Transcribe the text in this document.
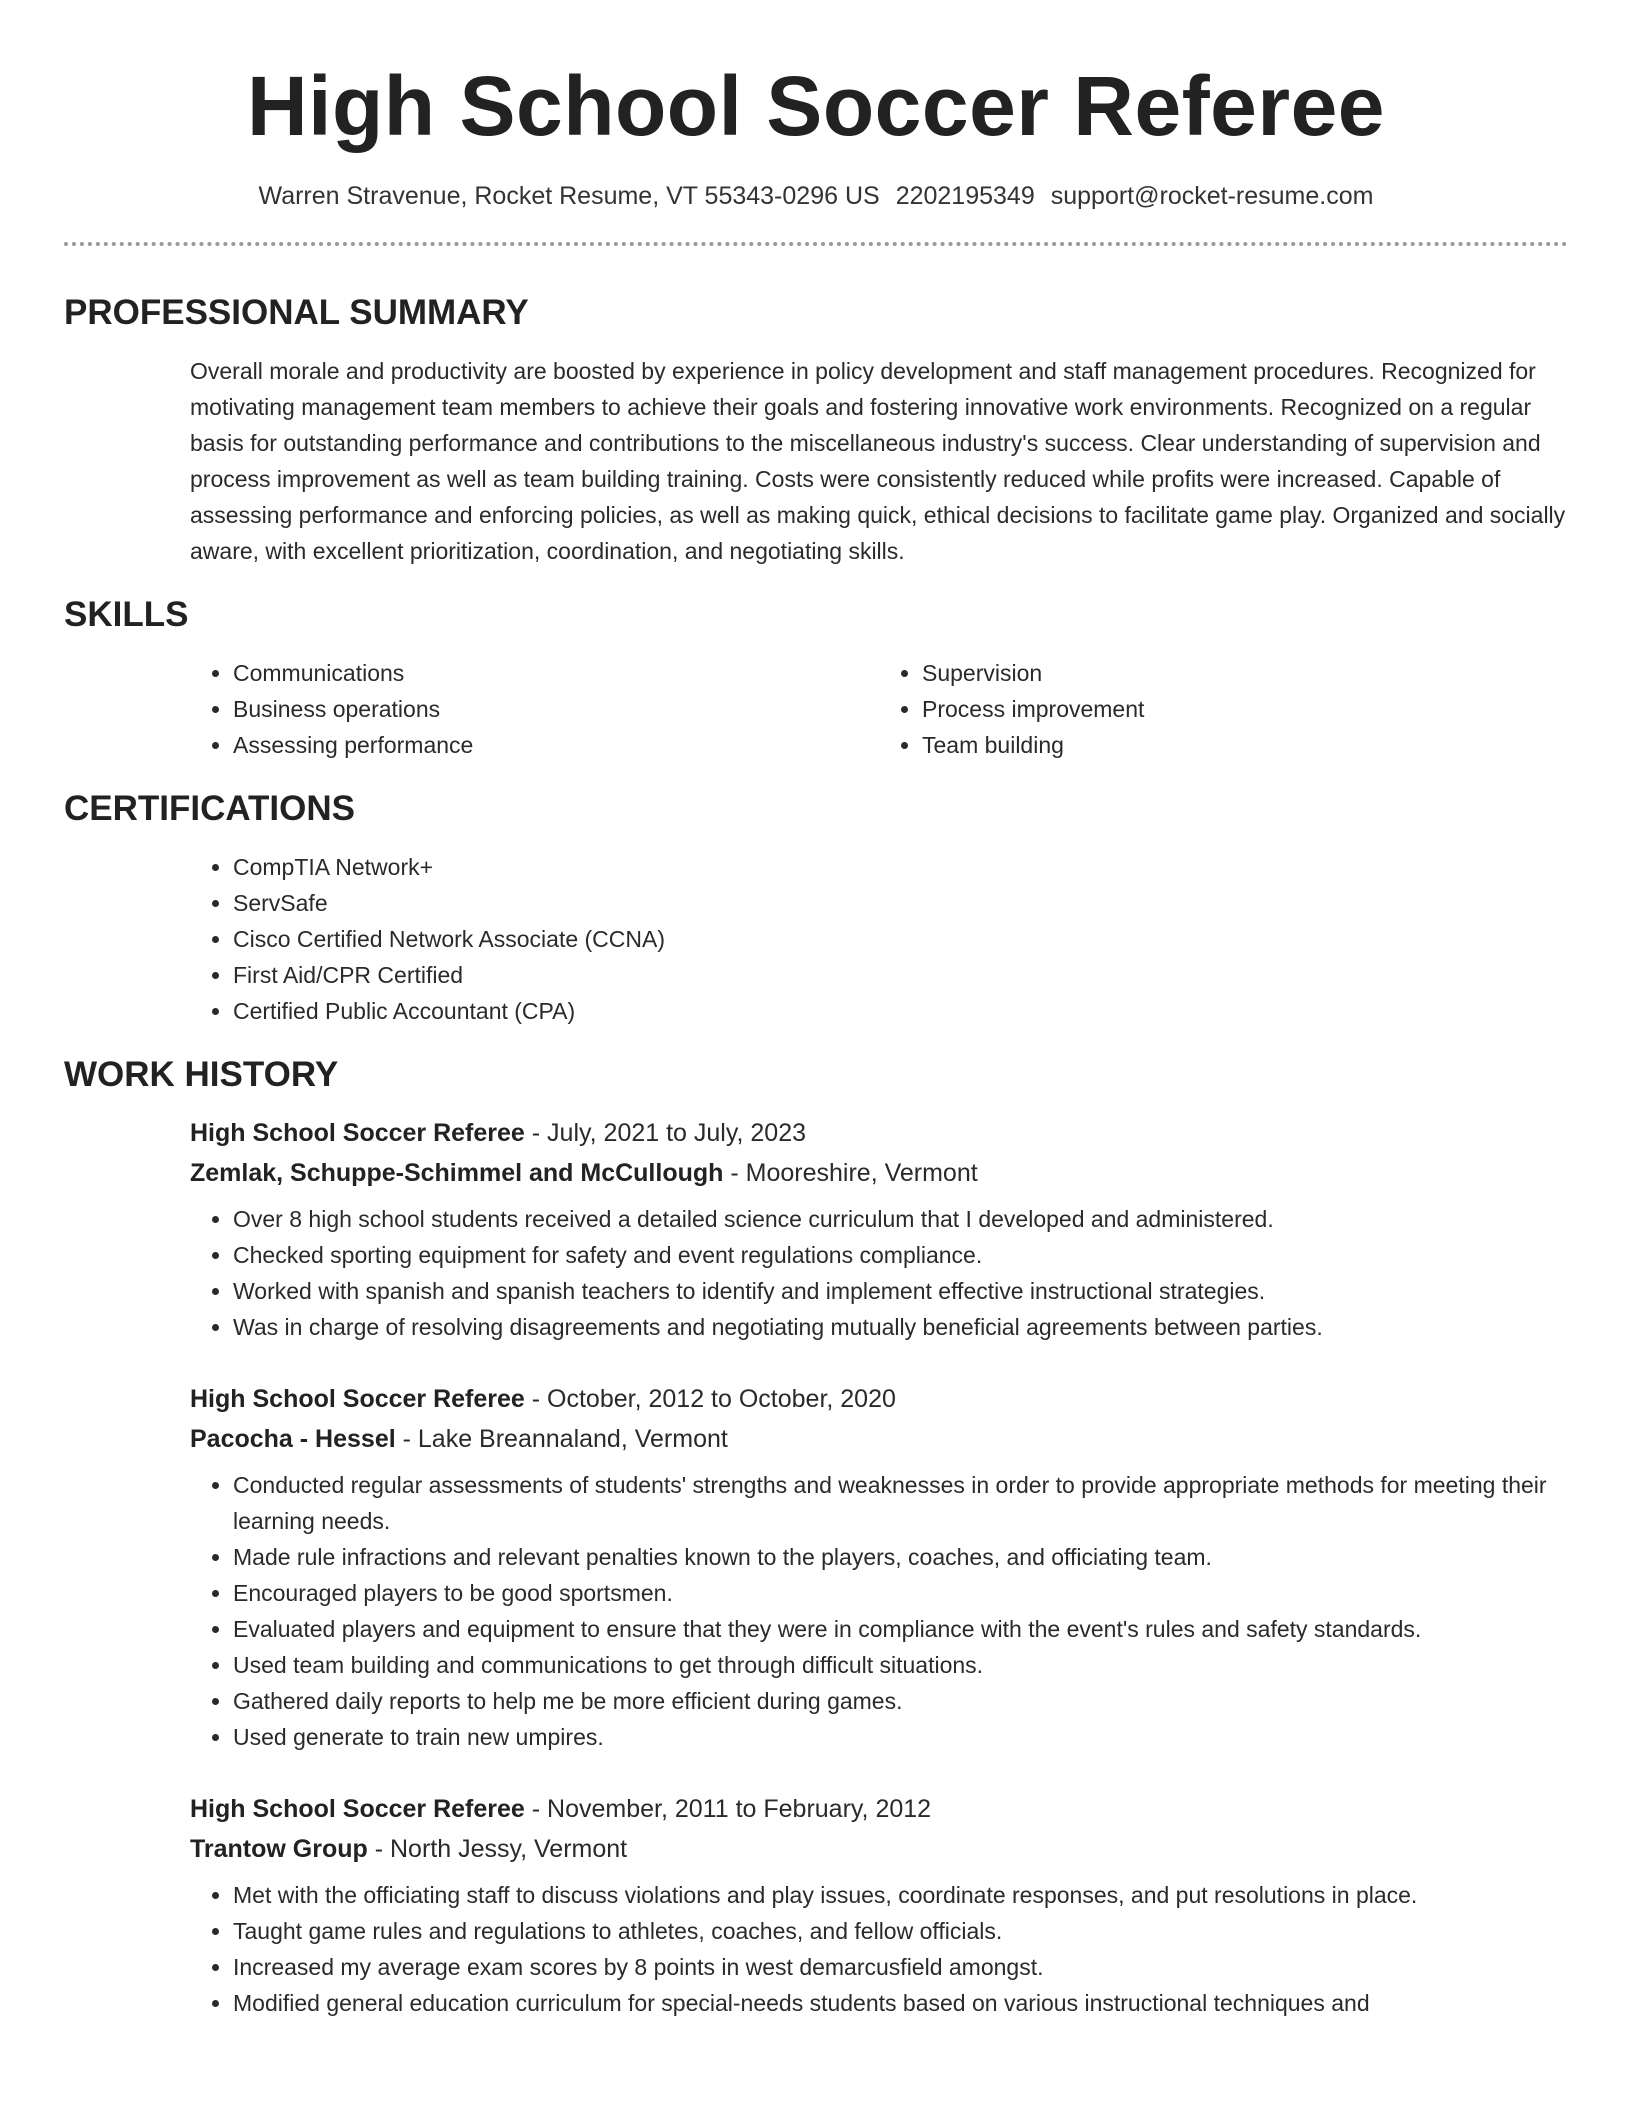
High School Soccer Referee
Warren Stravenue, Rocket Resume, VT 55343-0296 US 2202195349 support@rocket-resume.com
PROFESSIONAL SUMMARY
Overall morale and productivity are boosted by experience in policy development and staff management procedures. Recognized for motivating management team members to achieve their goals and fostering innovative work environments. Recognized on a regular basis for outstanding performance and contributions to the miscellaneous industry's success. Clear understanding of supervision and process improvement as well as team building training. Costs were consistently reduced while profits were increased. Capable of assessing performance and enforcing policies, as well as making quick, ethical decisions to facilitate game play. Organized and socially aware, with excellent prioritization, coordination, and negotiating skills.
SKILLS
• Communications
• Business operations
• Assessing performance
• Supervision
• Process improvement
• Team building
CERTIFICATIONS
• CompTIA Network+
• ServSafe
• Cisco Certified Network Associate (CCNA)
• First Aid/CPR Certified
• Certified Public Accountant (CPA)
WORK HISTORY
High School Soccer Referee - July, 2021 to July, 2023
Zemlak, Schuppe-Schimmel and McCullough - Mooreshire, Vermont
• Over 8 high school students received a detailed science curriculum that I developed and administered.
• Checked sporting equipment for safety and event regulations compliance.
• Worked with spanish and spanish teachers to identify and implement effective instructional strategies.
• Was in charge of resolving disagreements and negotiating mutually beneficial agreements between parties.
High School Soccer Referee - October, 2012 to October, 2020
Pacocha - Hessel - Lake Breannaland, Vermont
• Conducted regular assessments of students' strengths and weaknesses in order to provide appropriate methods for meeting their learning needs.
• Made rule infractions and relevant penalties known to the players, coaches, and officiating team.
• Encouraged players to be good sportsmen.
• Evaluated players and equipment to ensure that they were in compliance with the event's rules and safety standards.
• Used team building and communications to get through difficult situations.
• Gathered daily reports to help me be more efficient during games.
• Used generate to train new umpires.
High School Soccer Referee - November, 2011 to February, 2012
Trantow Group - North Jessy, Vermont
• Met with the officiating staff to discuss violations and play issues, coordinate responses, and put resolutions in place.
• Taught game rules and regulations to athletes, coaches, and fellow officials.
• Increased my average exam scores by 8 points in west demarcusfield amongst.
• Modified general education curriculum for special-needs students based on various instructional techniques and
